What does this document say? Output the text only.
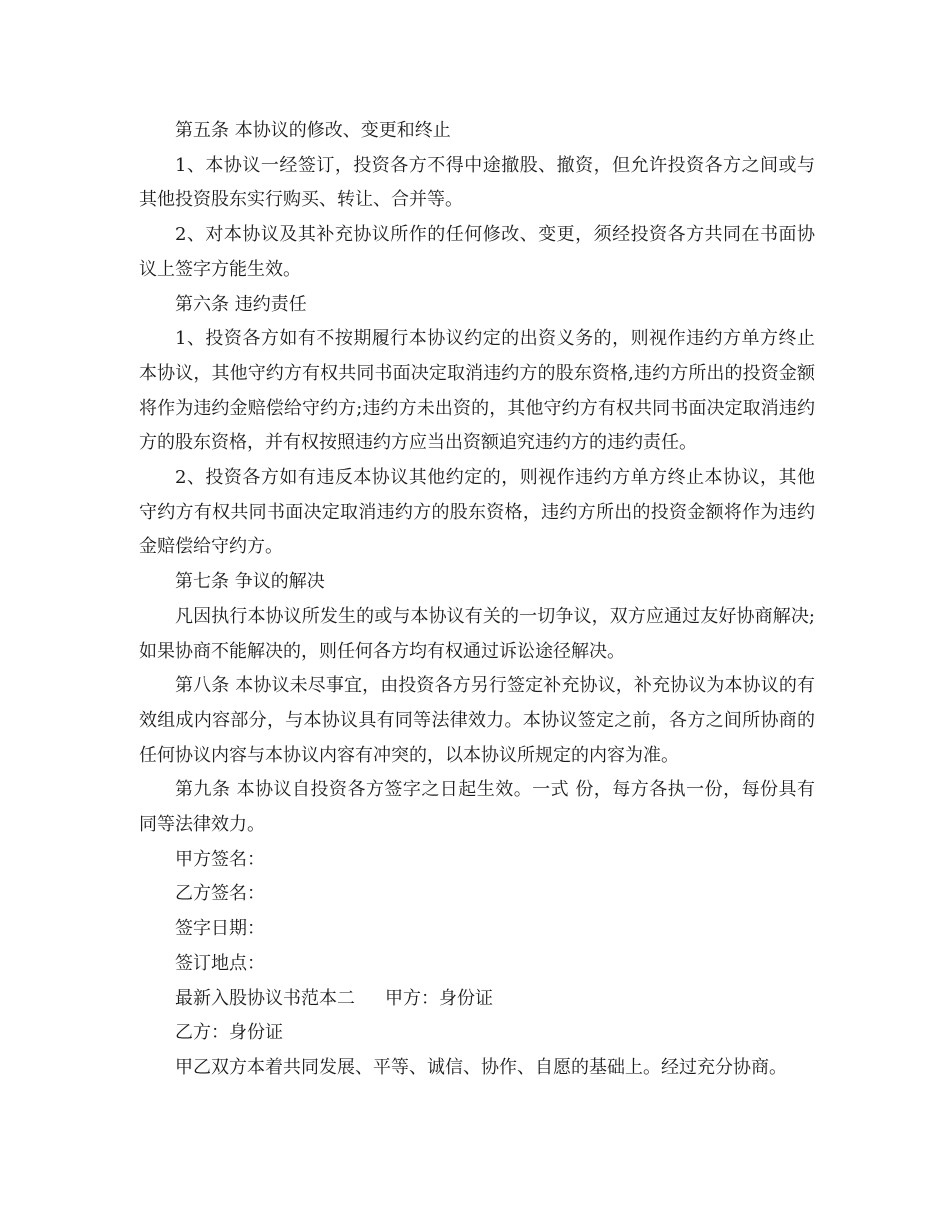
第五条 本协议的修改、变更和终止

1、本协议一经签订，投资各方不得中途撤股、撤资，但允许投资各方之间或与其他投资股东实行购买、转让、合并等。

2、对本协议及其补充协议所作的任何修改、变更，须经投资各方共同在书面协议上签字方能生效。

第六条 违约责任

1、投资各方如有不按期履行本协议约定的出资义务的，则视作违约方单方终止本协议，其他守约方有权共同书面决定取消违约方的股东资格,违约方所出的投资金额将作为违约金赔偿给守约方;违约方未出资的，其他守约方有权共同书面决定取消违约方的股东资格，并有权按照违约方应当出资额追究违约方的违约责任。

2、投资各方如有违反本协议其他约定的，则视作违约方单方终止本协议，其他守约方有权共同书面决定取消违约方的股东资格，违约方所出的投资金额将作为违约金赔偿给守约方。

第七条 争议的解决

凡因执行本协议所发生的或与本协议有关的一切争议，双方应通过友好协商解决;如果协商不能解决的，则任何各方均有权通过诉讼途径解决。

第八条 本协议未尽事宜，由投资各方另行签定补充协议，补充协议为本协议的有效组成内容部分，与本协议具有同等法律效力。本协议签定之前，各方之间所协商的任何协议内容与本协议内容有冲突的，以本协议所规定的内容为准。

第九条 本协议自投资各方签字之日起生效。一式 份，每方各执一份，每份具有同等法律效力。

甲方签名：

乙方签名：

签字日期：

签订地点：

最新入股协议书范本二 甲方：身份证

乙方：身份证

甲乙双方本着共同发展、平等、诚信、协作、自愿的基础上。经过充分协商。
